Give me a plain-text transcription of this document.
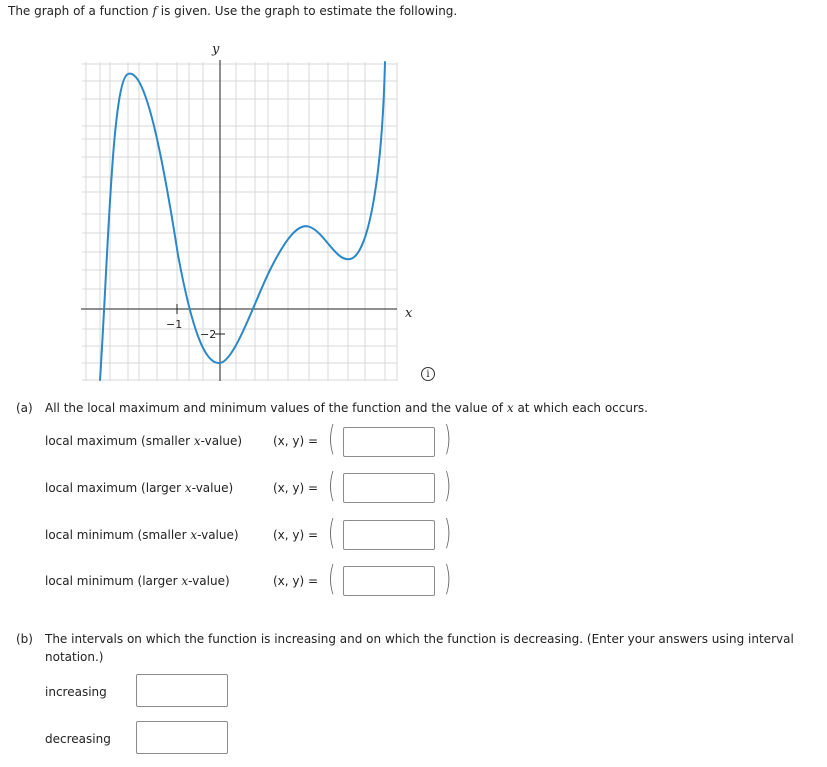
The graph of a function f is given. Use the graph to estimate the following.
y
x
−1
−2
i
(a) All the local maximum and minimum values of the function and the value of x at which each occurs.
local maximum (smaller x-value)	(x, y) = (	)
local maximum (larger x-value)	(x, y) = (	)
local minimum (smaller x-value)	(x, y) = (	)
local minimum (larger x-value)	(x, y) = (	)
(b) The intervals on which the function is increasing and on which the function is decreasing. (Enter your answers using interval
notation.)
increasing
decreasing
